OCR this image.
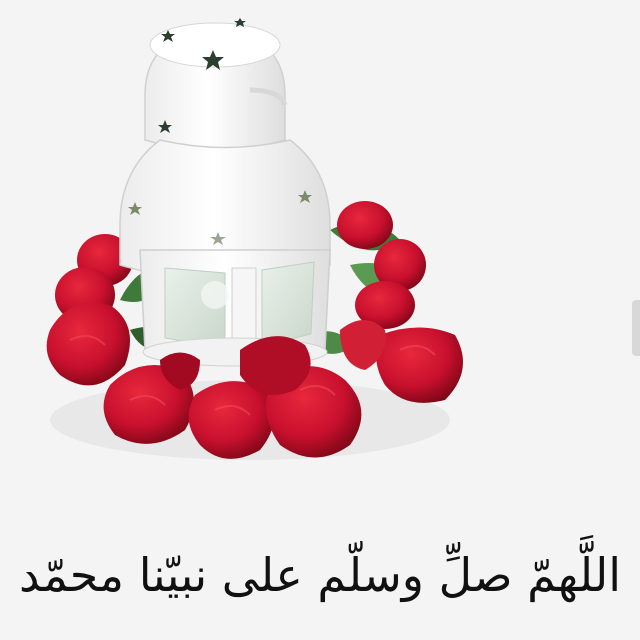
اللَّهمّ صلِّ وسلّم على نبيّنا محمّد
